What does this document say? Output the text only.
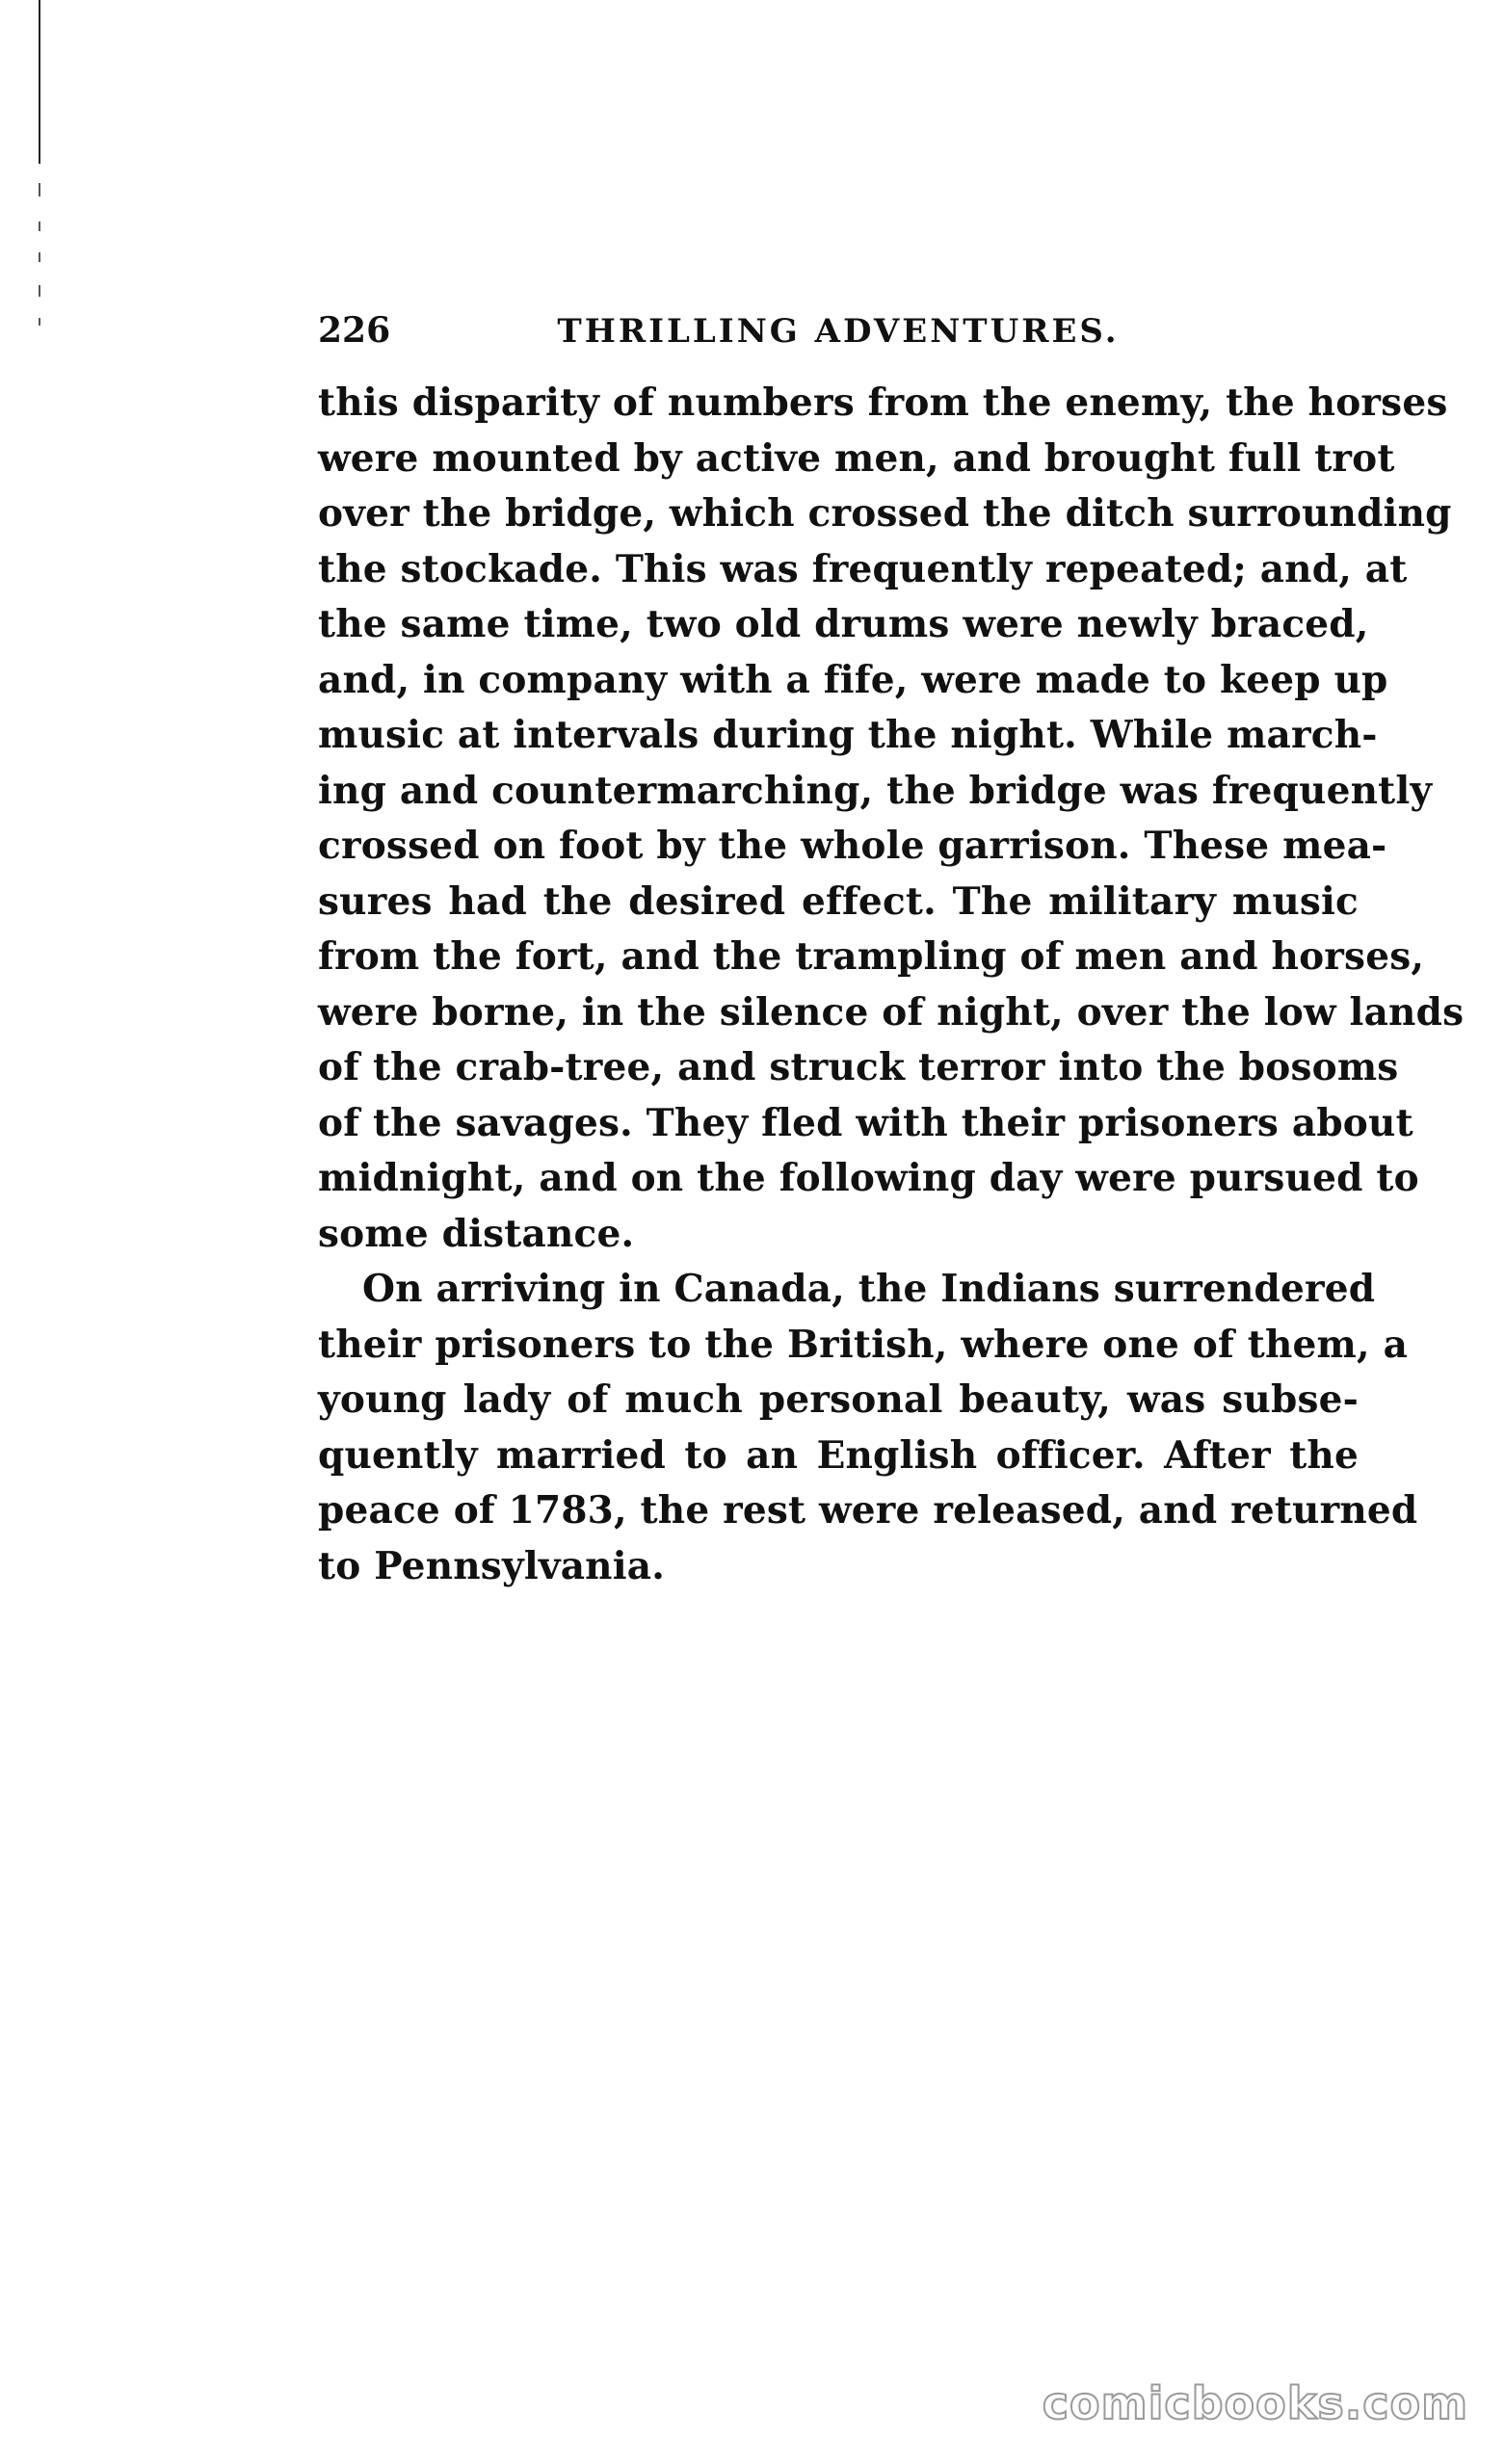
226	THRILLING ADVENTURES.
this disparity of numbers from the enemy, the horses
were mounted by active men, and brought full trot
over the bridge, which crossed the ditch surrounding
the stockade. This was frequently repeated; and, at
the same time, two old drums were newly braced,
and, in company with a fife, were made to keep up
music at intervals during the night. While march-
ing and countermarching, the bridge was frequently
crossed on foot by the whole garrison. These mea-
sures had the desired effect. The military music
from the fort, and the trampling of men and horses,
were borne, in the silence of night, over the low lands
of the crab-tree, and struck terror into the bosoms
of the savages. They fled with their prisoners about
midnight, and on the following day were pursued to
some distance.
On arriving in Canada, the Indians surrendered
their prisoners to the British, where one of them, a
young lady of much personal beauty, was subse-
quently married to an English officer. After the
peace of 1783, the rest were released, and returned
to Pennsylvania.
comicbooks.com
